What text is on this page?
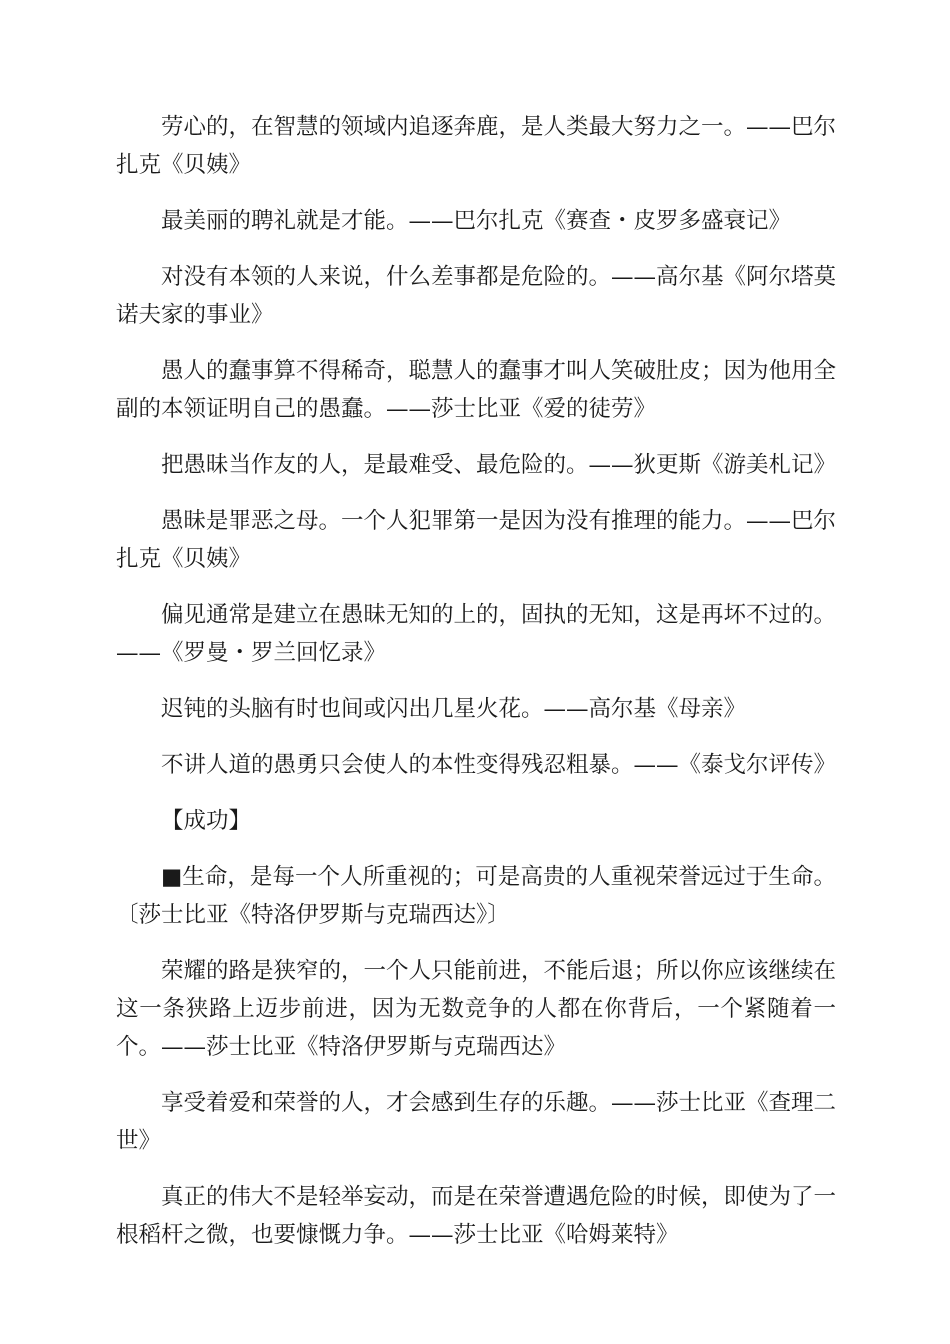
劳心的，在智慧的领域内追逐奔鹿，是人类最大努力之一。——巴尔扎克《贝姨》

最美丽的聘礼就是才能。——巴尔扎克《赛查・皮罗多盛衰记》

对没有本领的人来说，什么差事都是危险的。——高尔基《阿尔塔莫诺夫家的事业》

愚人的蠢事算不得稀奇，聪慧人的蠢事才叫人笑破肚皮；因为他用全副的本领证明自己的愚蠢。——莎士比亚《爱的徒劳》

把愚昧当作友的人，是最难受、最危险的。——狄更斯《游美札记》

愚昧是罪恶之母。一个人犯罪第一是因为没有推理的能力。——巴尔扎克《贝姨》

偏见通常是建立在愚昧无知的上的，固执的无知，这是再坏不过的。——《罗曼・罗兰回忆录》

迟钝的头脑有时也间或闪出几星火花。——高尔基《母亲》

不讲人道的愚勇只会使人的本性变得残忍粗暴。——《泰戈尔评传》

【成功】

■生命，是每一个人所重视的；可是高贵的人重视荣誉远过于生命。〔莎士比亚《特洛伊罗斯与克瑞西达》〕

荣耀的路是狭窄的，一个人只能前进，不能后退；所以你应该继续在这一条狭路上迈步前进，因为无数竞争的人都在你背后，一个紧随着一个。——莎士比亚《特洛伊罗斯与克瑞西达》

享受着爱和荣誉的人，才会感到生存的乐趣。——莎士比亚《查理二世》

真正的伟大不是轻举妄动，而是在荣誉遭遇危险的时候，即使为了一根稻杆之微，也要慷慨力争。——莎士比亚《哈姆莱特》
